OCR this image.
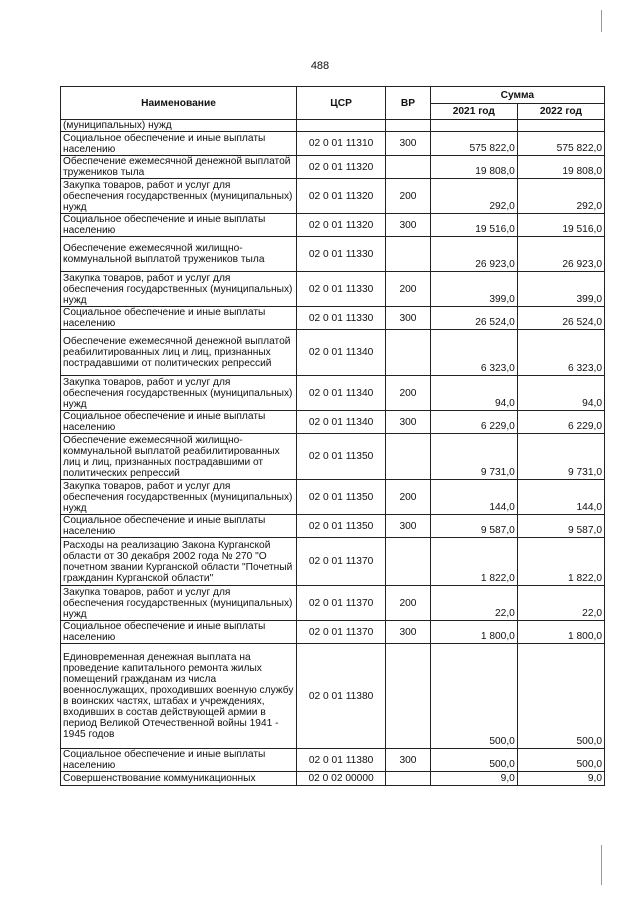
488
Наименование	ЦСР	ВР	Сумма	
			2021 год	2022 год
(муниципальных) нужд				
Социальное обеспечение и иные выплаты населению	02 0 01 11310	300	575 822,0	575 822,0
Обеспечение ежемесячной денежной выплатой тружеников тыла	02 0 01 11320		19 808,0	19 808,0
Закупка товаров, работ и услуг для обеспечения государственных (муниципальных) нужд	02 0 01 11320	200	292,0	292,0
Социальное обеспечение и иные выплаты населению	02 0 01 11320	300	19 516,0	19 516,0
Обеспечение ежемесячной жилищно-коммунальной выплатой тружеников тыла	02 0 01 11330		26 923,0	26 923,0
Закупка товаров, работ и услуг для обеспечения государственных (муниципальных) нужд	02 0 01 11330	200	399,0	399,0
Социальное обеспечение и иные выплаты населению	02 0 01 11330	300	26 524,0	26 524,0
Обеспечение ежемесячной денежной выплатой реабилитированных лиц и лиц, признанных пострадавшими от политических репрессий	02 0 01 11340		6 323,0	6 323,0
Закупка товаров, работ и услуг для обеспечения государственных (муниципальных) нужд	02 0 01 11340	200	94,0	94,0
Социальное обеспечение и иные выплаты населению	02 0 01 11340	300	6 229,0	6 229,0
Обеспечение ежемесячной жилищно-коммунальной выплатой реабилитированных лиц и лиц, признанных пострадавшими от политических репрессий	02 0 01 11350		9 731,0	9 731,0
Закупка товаров, работ и услуг для обеспечения государственных (муниципальных) нужд	02 0 01 11350	200	144,0	144,0
Социальное обеспечение и иные выплаты населению	02 0 01 11350	300	9 587,0	9 587,0
Расходы на реализацию Закона Курганской области от 30 декабря 2002 года № 270 "О почетном звании Курганской области "Почетный гражданин Курганской области"	02 0 01 11370		1 822,0	1 822,0
Закупка товаров, работ и услуг для обеспечения государственных (муниципальных) нужд	02 0 01 11370	200	22,0	22,0
Социальное обеспечение и иные выплаты населению	02 0 01 11370	300	1 800,0	1 800,0
Единовременная денежная выплата на проведение капитального ремонта жилых помещений гражданам из числа военнослужащих, проходивших военную службу в воинских частях, штабах и учреждениях, входивших в состав действующей армии в период Великой Отечественной войны 1941 - 1945 годов	02 0 01 11380		500,0	500,0
Социальное обеспечение и иные выплаты населению	02 0 01 11380	300	500,0	500,0
Совершенствование коммуникационных	02 0 02 00000		9,0	9,0
